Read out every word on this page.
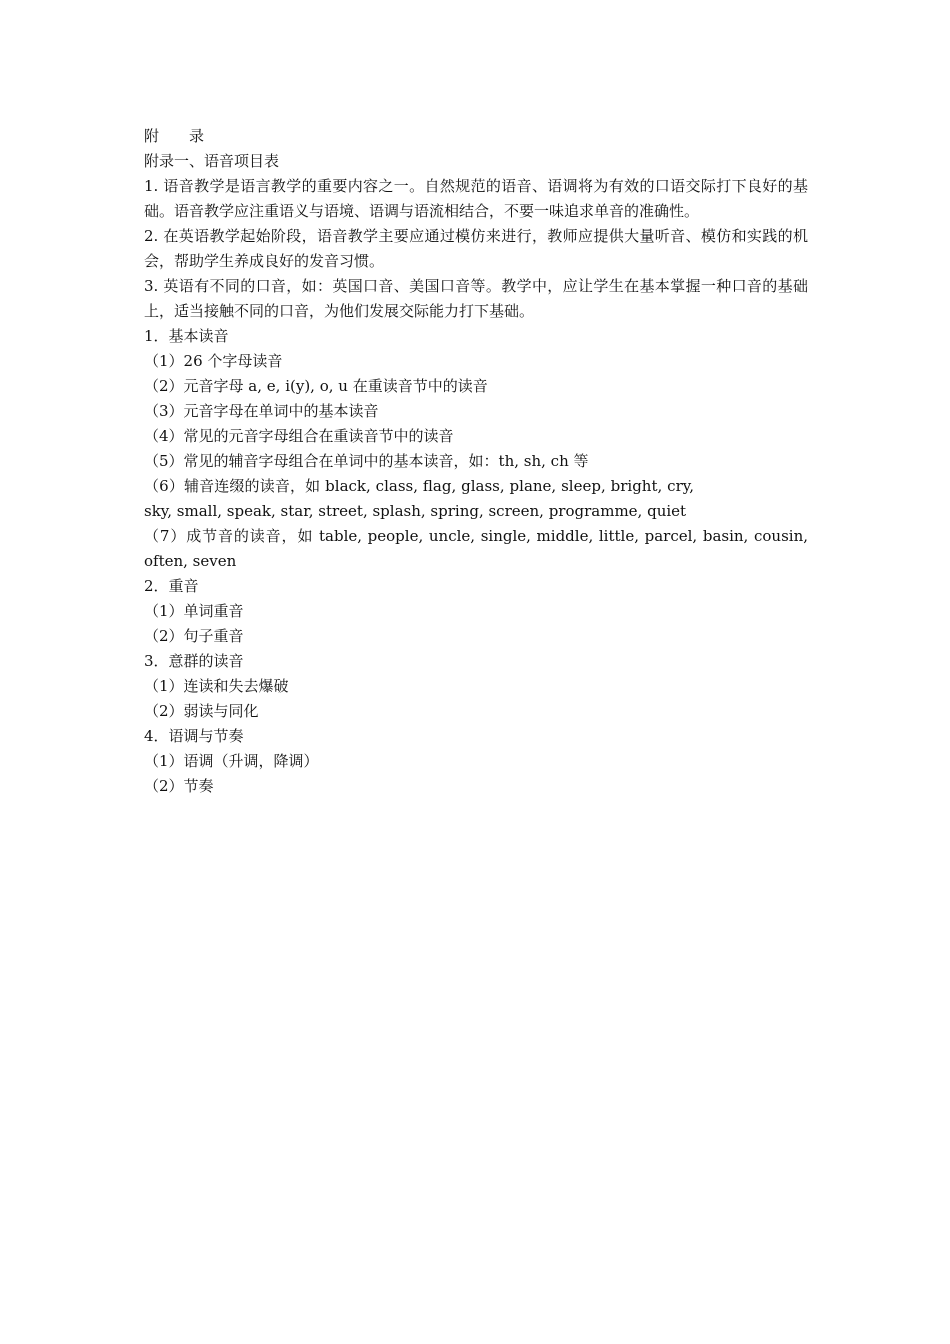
附　　录
附录一、语音项目表
1. 语音教学是语言教学的重要内容之一。自然规范的语音、语调将为有效的口语交际打下良好的基础。语音教学应注重语义与语境、语调与语流相结合，不要一味追求单音的准确性。
2. 在英语教学起始阶段，语音教学主要应通过模仿来进行，教师应提供大量听音、模仿和实践的机会，帮助学生养成良好的发音习惯。
3. 英语有不同的口音，如：英国口音、美国口音等。教学中，应让学生在基本掌握一种口音的基础上，适当接触不同的口音，为他们发展交际能力打下基础。
1．基本读音
（1）26 个字母读音
（2）元音字母 a, e, i(y), o, u 在重读音节中的读音
（3）元音字母在单词中的基本读音
（4）常见的元音字母组合在重读音节中的读音
（5）常见的辅音字母组合在单词中的基本读音，如：th, sh, ch 等
（6）辅音连缀的读音，如 black, class, flag, glass, plane, sleep, bright, cry, sky, small, speak, star, street, splash, spring, screen, programme, quiet
（7）成节音的读音，如 table, people, uncle, single, middle, little, parcel, basin, cousin, often, seven
2．重音
（1）单词重音
（2）句子重音
3．意群的读音
（1）连读和失去爆破
（2）弱读与同化
4．语调与节奏
（1）语调（升调，降调）
（2）节奏
